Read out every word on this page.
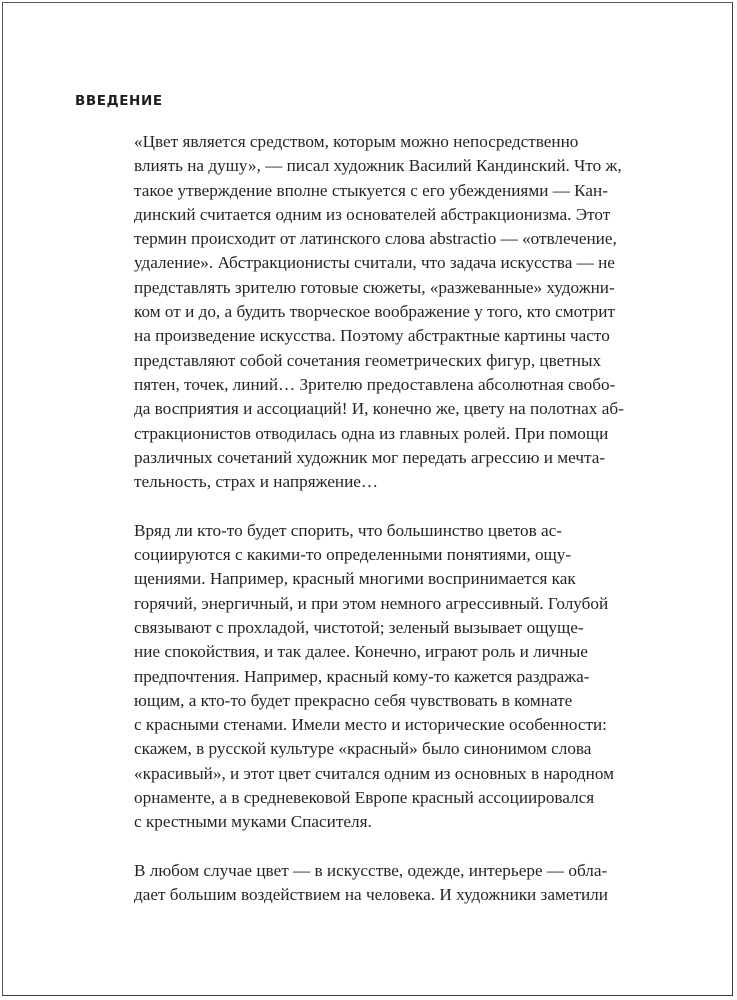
ВВЕДЕНИЕ

«Цвет является средством, которым можно непосредственно
влиять на душу», — писал художник Василий Кандинский. Что ж,
такое утверждение вполне стыкуется с его убеждениями — Кан-
динский считается одним из основателей абстракционизма. Этот
термин происходит от латинского слова abstractio — «отвлечение,
удаление». Абстракционисты считали, что задача искусства — не
представлять зрителю готовые сюжеты, «разжеванные» художни-
ком от и до, а будить творческое воображение у того, кто смотрит
на произведение искусства. Поэтому абстрактные картины часто
представляют собой сочетания геометрических фигур, цветных
пятен, точек, линий… Зрителю предоставлена абсолютная свобо-
да восприятия и ассоциаций! И, конечно же, цвету на полотнах аб-
стракционистов отводилась одна из главных ролей. При помощи
различных сочетаний художник мог передать агрессию и мечта-
тельность, страх и напряжение…

Вряд ли кто-то будет спорить, что большинство цветов ас-
социируются с какими-то определенными понятиями, ощу-
щениями. Например, красный многими воспринимается как
горячий, энергичный, и при этом немного агрессивный. Голубой
связывают с прохладой, чистотой; зеленый вызывает ощуще-
ние спокойствия, и так далее. Конечно, играют роль и личные
предпочтения. Например, красный кому-то кажется раздража-
ющим, а кто-то будет прекрасно себя чувствовать в комнате
с красными стенами. Имели место и исторические особенности:
скажем, в русской культуре «красный» было синонимом слова
«красивый», и этот цвет считался одним из основных в народном
орнаменте, а в средневековой Европе красный ассоциировался
с крестными муками Спасителя.

В любом случае цвет — в искусстве, одежде, интерьере — обла-
дает большим воздействием на человека. И художники заметили
